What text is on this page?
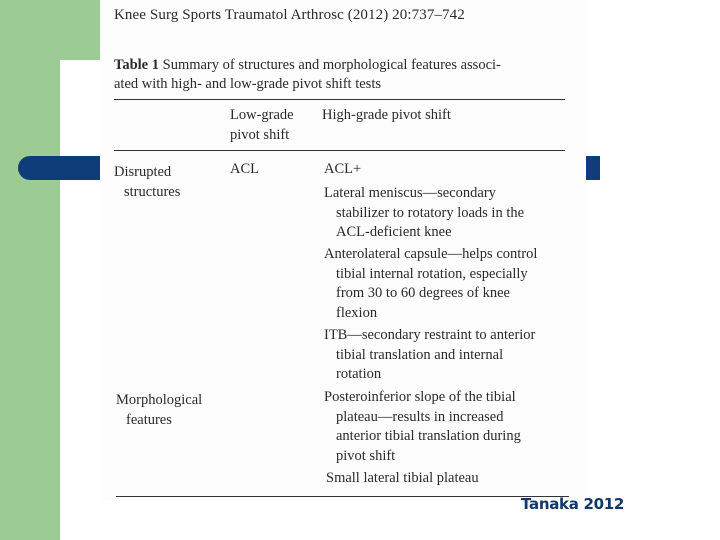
Knee Surg Sports Traumatol Arthrosc (2012) 20:737–742
Table 1 Summary of structures and morphological features associ-
ated with high- and low-grade pivot shift tests
Low-grade
pivot shift
High-grade pivot shift
Disrupted

structures
ACL	ACL+
Lateral meniscus—secondary
stabilizer to rotatory loads in the
ACL-deficient knee
Anterolateral capsule—helps control
tibial internal rotation, especially
from 30 to 60 degrees of knee
flexion
ITB—secondary restraint to anterior
tibial translation and internal
rotation
Morphological

features
Posteroinferior slope of the tibial
plateau—results in increased
anterior tibial translation during
pivot shift
Small lateral tibial plateau
Tanaka 2012
